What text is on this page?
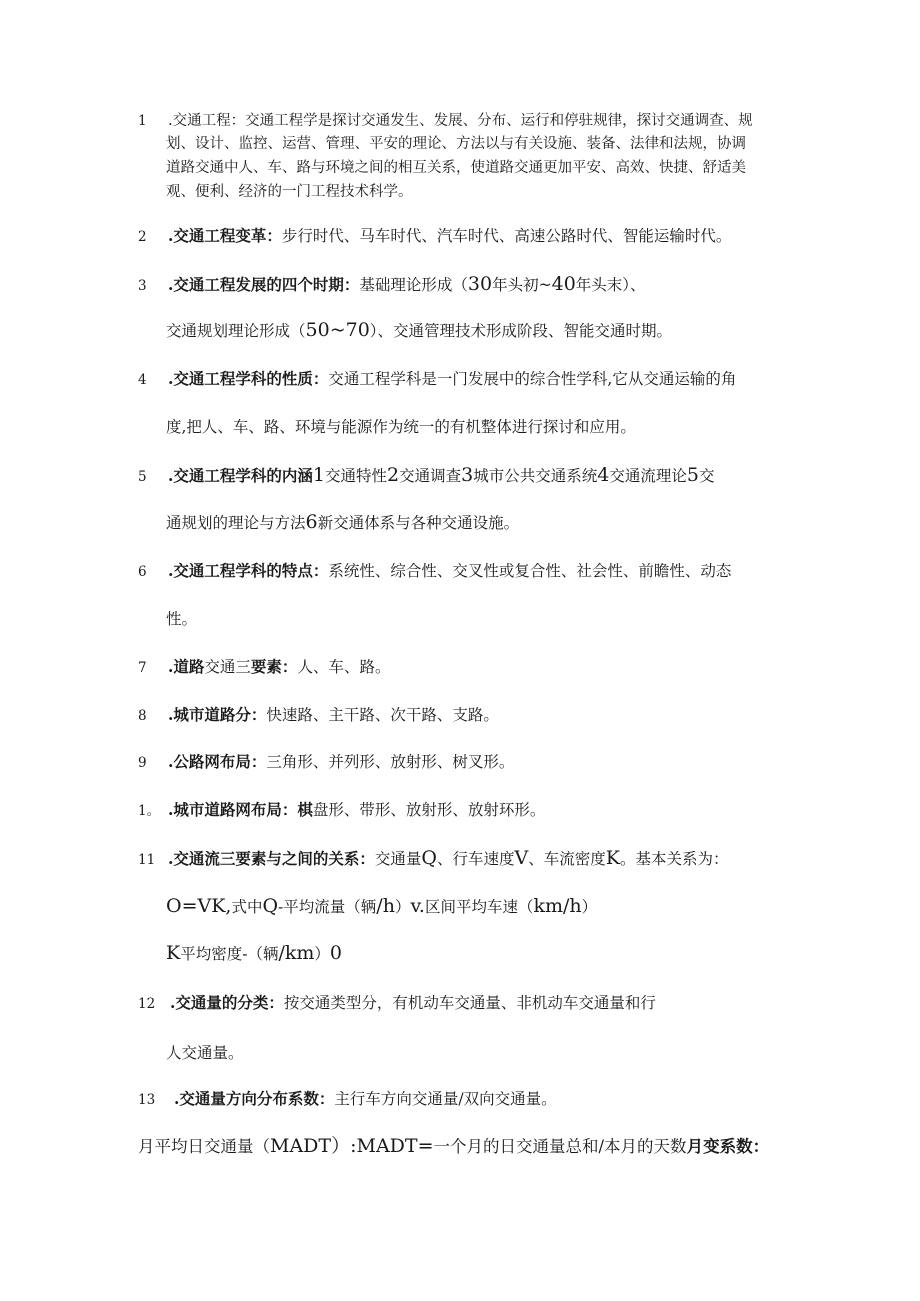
1 .交通工程：交通工程学是探讨交通发生、发展、分布、运行和停驻规律，探讨交通调查、规
划、设计、监控、运营、管理、平安的理论、方法以与有关设施、装备、法律和法规，协调
道路交通中人、车、路与环境之间的相互关系，使道路交通更加平安、高效、快捷、舒适美
观、便利、经济的一门工程技术科学。
2 .交通工程变革：步行时代、马车时代、汽车时代、高速公路时代、智能运输时代。
3 .交通工程发展的四个时期：基础理论形成（30年头初~40年头末）、
交通规划理论形成（50~70）、交通管理技术形成阶段、智能交通时期。
4 .交通工程学科的性质：交通工程学科是一门发展中的综合性学科,它从交通运输的角
度,把人、车、路、环境与能源作为统一的有机整体进行探讨和应用。
5 .交通工程学科的内涵1交通特性2交通调查3城市公共交通系统4交通流理论5交
通规划的理论与方法6新交通体系与各种交通设施。
6 .交通工程学科的特点：系统性、综合性、交叉性或复合性、社会性、前瞻性、动态
性。
7 .道路交通三要素：人、车、路。
8 .城市道路分：快速路、主干路、次干路、支路。
9 .公路网布局：三角形、并列形、放射形、树叉形。
1。 .城市道路网布局：棋盘形、带形、放射形、放射环形。
11 .交通流三要素与之间的关系：交通量Q、行车速度V、车流密度K。基本关系为：
O=VK,式中Q-平均流量（辆/h）v.区间平均车速（km/h）
K平均密度-（辆/km）0
12 .交通量的分类：按交通类型分，有机动车交通量、非机动车交通量和行
人交通量。
13 .交通量方向分布系数：主行车方向交通量/双向交通量。
月平均日交通量（MADT）:MADT=一个月的日交通量总和/本月的天数月变系数：
